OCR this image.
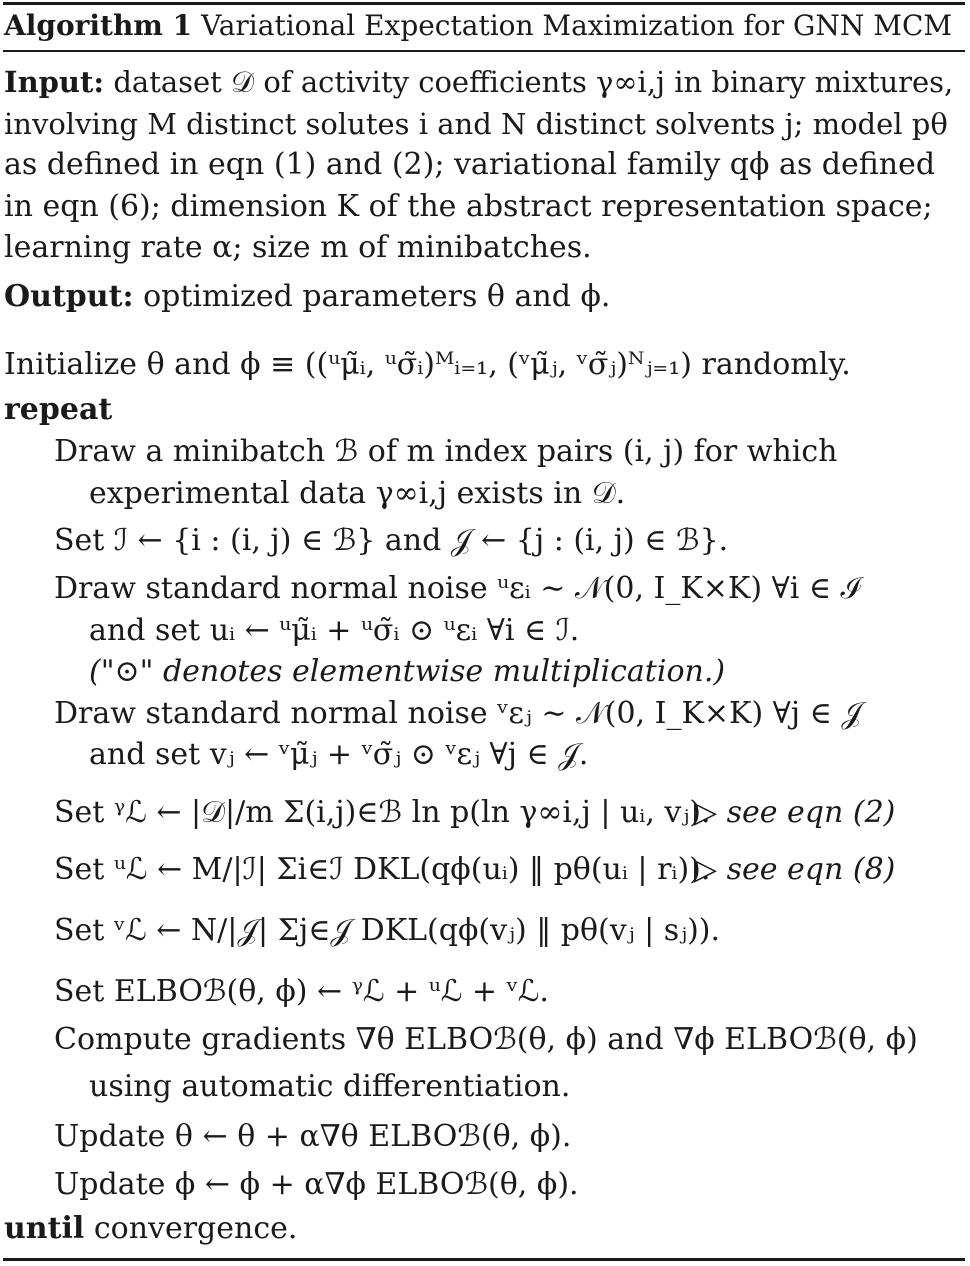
Algorithm 1 Variational Expectation Maximization for GNN MCM
Input: dataset 𝒟 of activity coefficients γ∞i,j in binary mixtures,
involving M distinct solutes i and N distinct solvents j; model pθ
as defined in eqn (1) and (2); variational family qϕ as defined
in eqn (6); dimension K of the abstract representation space;
learning rate α; size m of minibatches.
Output: optimized parameters θ and ϕ.
Initialize θ and ϕ ≡ ((ᵘμ̃ᵢ, ᵘσ̃ᵢ)ᴹᵢ₌₁, (ᵛμ̃ⱼ, ᵛσ̃ⱼ)ᴺⱼ₌₁) randomly.
repeat
Draw a minibatch ℬ of m index pairs (i, j) for which
experimental data γ∞i,j exists in 𝒟.
Set ℐ ← {i : (i, j) ∈ ℬ} and 𝒥 ← {j : (i, j) ∈ ℬ}.
Draw standard normal noise ᵘεᵢ ∼ 𝒩(0, I_K×K) ∀i ∈ ℐ
and set uᵢ ← ᵘμ̃ᵢ + ᵘσ̃ᵢ ⊙ ᵘεᵢ ∀i ∈ ℐ.
("⊙" denotes elementwise multiplication.)
Draw standard normal noise ᵛεⱼ ∼ 𝒩(0, I_K×K) ∀j ∈ 𝒥
and set vⱼ ← ᵛμ̃ⱼ + ᵛσ̃ⱼ ⊙ ᵛεⱼ ∀j ∈ 𝒥.
Set ᵞℒ ← |𝒟|/m Σ(i,j)∈ℬ ln p(ln γ∞i,j | uᵢ, vⱼ).
▷ see eqn (2)
Set ᵘℒ ← M/|ℐ| Σi∈ℐ DKL(qϕ(uᵢ) ‖ pθ(uᵢ | rᵢ)).
▷ see eqn (8)
Set ᵛℒ ← N/|𝒥| Σj∈𝒥 DKL(qϕ(vⱼ) ‖ pθ(vⱼ | sⱼ)).
Set ELBOℬ(θ, ϕ) ← ᵞℒ + ᵘℒ + ᵛℒ.
Compute gradients ∇θ ELBOℬ(θ, ϕ) and ∇ϕ ELBOℬ(θ, ϕ)
using automatic differentiation.
Update θ ← θ + α∇θ ELBOℬ(θ, ϕ).
Update ϕ ← ϕ + α∇ϕ ELBOℬ(θ, ϕ).
until convergence.
